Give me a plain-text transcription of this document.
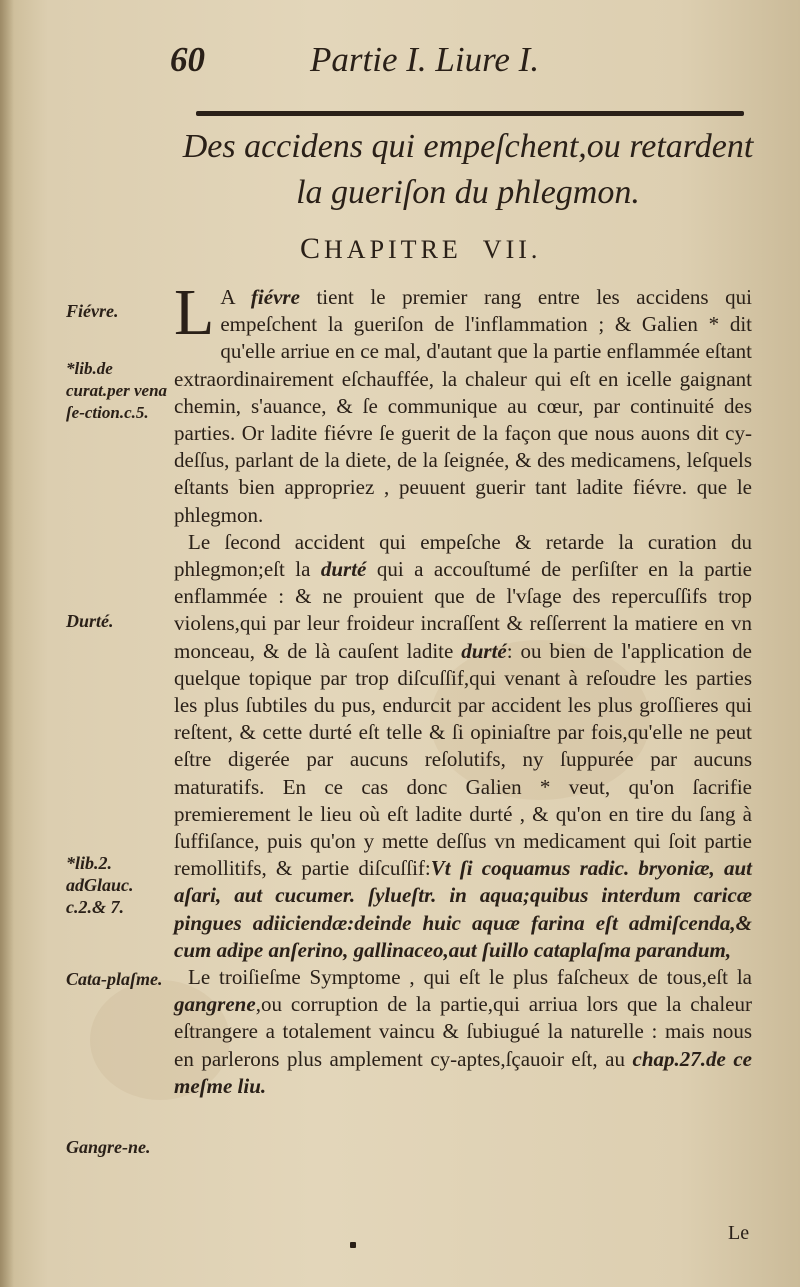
60	Partie I. Liure I.
Des accidens qui empeſchent,ou retardent la gueriſon du phlegmon.
CHAPITRE VII.
Fiévre.
*lib.de curat.per vena ſe-ction.c.5.
Durté.
*lib.2. adGlauc. c.2.& 7.
Cata-plaſme.
Gangre-ne.

L A fiévre tient le premier rang entre les accidens qui empeſchent la gueriſon de l'inflammation ; & Galien * dit qu'elle arriue en ce mal, d'autant que la partie enflammée eſtant extraordinairement eſchauffée, la chaleur qui eſt en icelle gaignant chemin, s'auance, & ſe communique au cœur, par continuité des parties. Or ladite fiévre ſe guerit de la façon que nous auons dit cy-deſſus, parlant de la diete, de la ſeignée, & des medicamens, leſquels eſtants bien appropriez , peuuent guerir tant ladite fiévre. que le phlegmon.

Le ſecond accident qui empeſche & retarde la curation du phlegmon;eſt la durté qui a accouſtumé de perſiſter en la partie enflammée : & ne prouient que de l'vſage des repercuſſifs trop violens,qui par leur froideur incraſſent & reſſerrent la matiere en vn monceau, & de là cauſent ladite durté: ou bien de l'application de quelque topique par trop diſcuſſif,qui venant à reſoudre les parties les plus ſubtiles du pus, endurcit par accident les plus groſſieres qui reſtent, & cette durté eſt telle & ſi opiniaſtre par fois,qu'elle ne peut eſtre digerée par aucuns reſolutifs, ny ſuppurée par aucuns maturatifs. En ce cas donc Galien * veut, qu'on ſacrifie premierement le lieu où eſt ladite durté , & qu'on en tire du ſang à ſuffiſance, puis qu'on y mette deſſus vn medicament qui ſoit partie remollitifs, & partie diſcuſſif:Vt ſi coquamus radic. bryoniæ, aut aſari, aut cucumer. ſylueſtr. in aqua;quibus interdum caricæ pingues adiiciendæ:deinde huic aquæ farina eſt admiſcenda,& cum adipe anſerino, gallinaceo,aut ſuillo cataplaſma parandum,

Le troiſieſme Symptome , qui eſt le plus faſcheux de tous,eſt la gangrene,ou corruption de la partie,qui arriua lors que la chaleur eſtrangere a totalement vaincu & ſubiugué la naturelle : mais nous en parlerons plus amplement cy-aptes,ſçauoir eſt, au chap.27.de ce meſme liu.

Le
